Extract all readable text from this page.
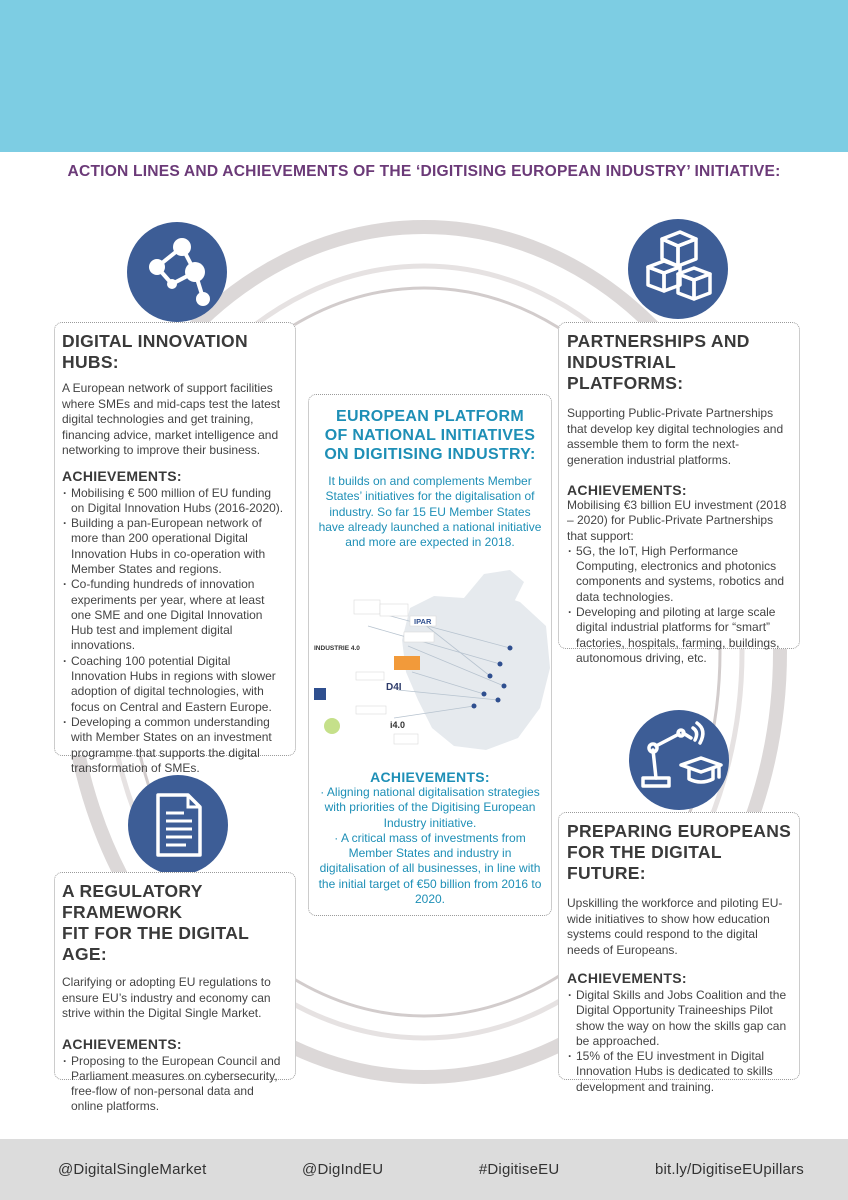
ACTION LINES AND ACHIEVEMENTS OF THE ‘DIGITISING EUROPEAN INDUSTRY’ INITIATIVE:
DIGITAL INNOVATION HUBS:
A European network of support facilities where SMEs and mid-caps test the latest digital technologies and get training, financing advice, market intelligence and networking to improve their business.
ACHIEVEMENTS:
· Mobilising € 500 million of EU funding on Digital Innovation Hubs (2016-2020).
· Building a pan-European network of more than 200 operational Digital Innovation Hubs in co-operation with Member States and regions.
· Co-funding hundreds of innovation experiments per year, where at least one SME and one Digital Innovation Hub test and implement digital innovations.
· Coaching 100 potential Digital Innovation Hubs in regions with slower adoption of digital technologies, with focus on Central and Eastern Europe.
· Developing a common understanding with Member States on an investment programme that supports the digital transformation of SMEs.
EUROPEAN PLATFORM
OF NATIONAL INITIATIVES
ON DIGITISING INDUSTRY:
It builds on and complements Member States’ initiatives for the digitalisation of industry. So far 15 EU Member States have already launched a national initiative and more are expected in 2018.
ACHIEVEMENTS:
· Aligning national digitalisation strategies with priorities of the Digitising European Industry initiative.
· A critical mass of investments from Member States and industry in digitalisation of all businesses, in line with the initial target of €50 billion from 2016 to 2020.
IPAR
INDUSTRIE 4.0
D4I
i4.0
PARTNERSHIPS AND
INDUSTRIAL PLATFORMS:
Supporting Public-Private Partnerships that develop key digital technologies and assemble them to form the next-generation industrial platforms.
ACHIEVEMENTS:
Mobilising €3 billion EU investment (2018 – 2020) for Public-Private Partnerships that support:
· 5G, the IoT, High Performance Computing, electronics and photonics components and systems, robotics and data technologies.
· Developing and piloting at large scale digital industrial platforms for “smart” factories, hospitals, farming, buildings, autonomous driving, etc.
A REGULATORY FRAMEWORK
FIT FOR THE DIGITAL AGE:
Clarifying or adopting EU regulations to ensure EU’s industry and economy can strive within the Digital Single Market.
ACHIEVEMENTS:
· Proposing to the European Council and Parliament measures on cybersecurity, free-flow of non-personal data and online platforms.
PREPARING EUROPEANS
FOR THE DIGITAL FUTURE:
Upskilling the workforce and piloting EU- wide initiatives to show how education systems could respond to the digital needs of Europeans.
ACHIEVEMENTS:
· Digital Skills and Jobs Coalition and the Digital Opportunity Traineeships Pilot show the way on how the skills gap can be approached.
· 15% of the EU investment in Digital Innovation Hubs is dedicated to skills development and training.
@DigitalSingleMarket	@DigIndEU	#DigitiseEU	bit.ly/DigitiseEUpillars
